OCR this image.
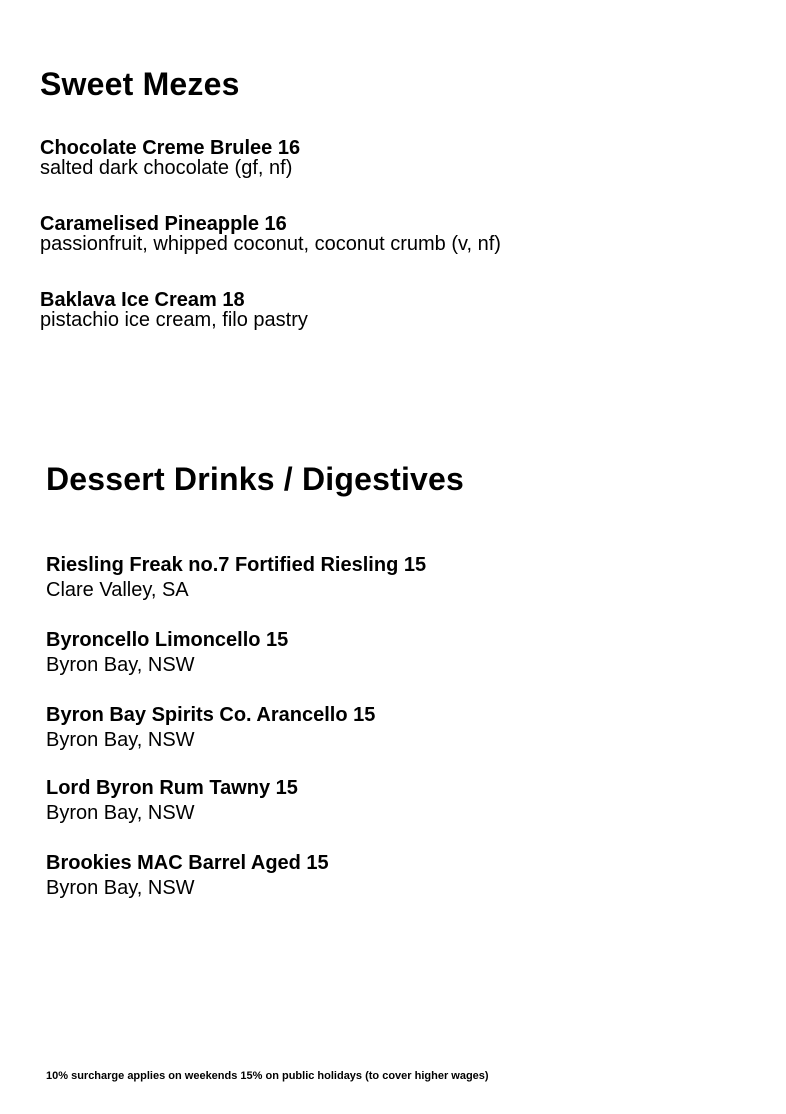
Sweet Mezes
Chocolate Creme Brulee 16
salted dark chocolate (gf, nf)
Caramelised Pineapple 16
passionfruit, whipped coconut, coconut crumb (v, nf)
Baklava Ice Cream 18
pistachio ice cream, filo pastry
Dessert Drinks / Digestives
Riesling Freak no.7 Fortified Riesling 15
Clare Valley, SA
Byroncello Limoncello 15
Byron Bay, NSW
Byron Bay Spirits Co. Arancello 15
Byron Bay, NSW
Lord Byron Rum Tawny 15
Byron Bay, NSW
Brookies MAC Barrel Aged 15
Byron Bay, NSW
10% surcharge applies on weekends 15% on public holidays (to cover higher wages)
